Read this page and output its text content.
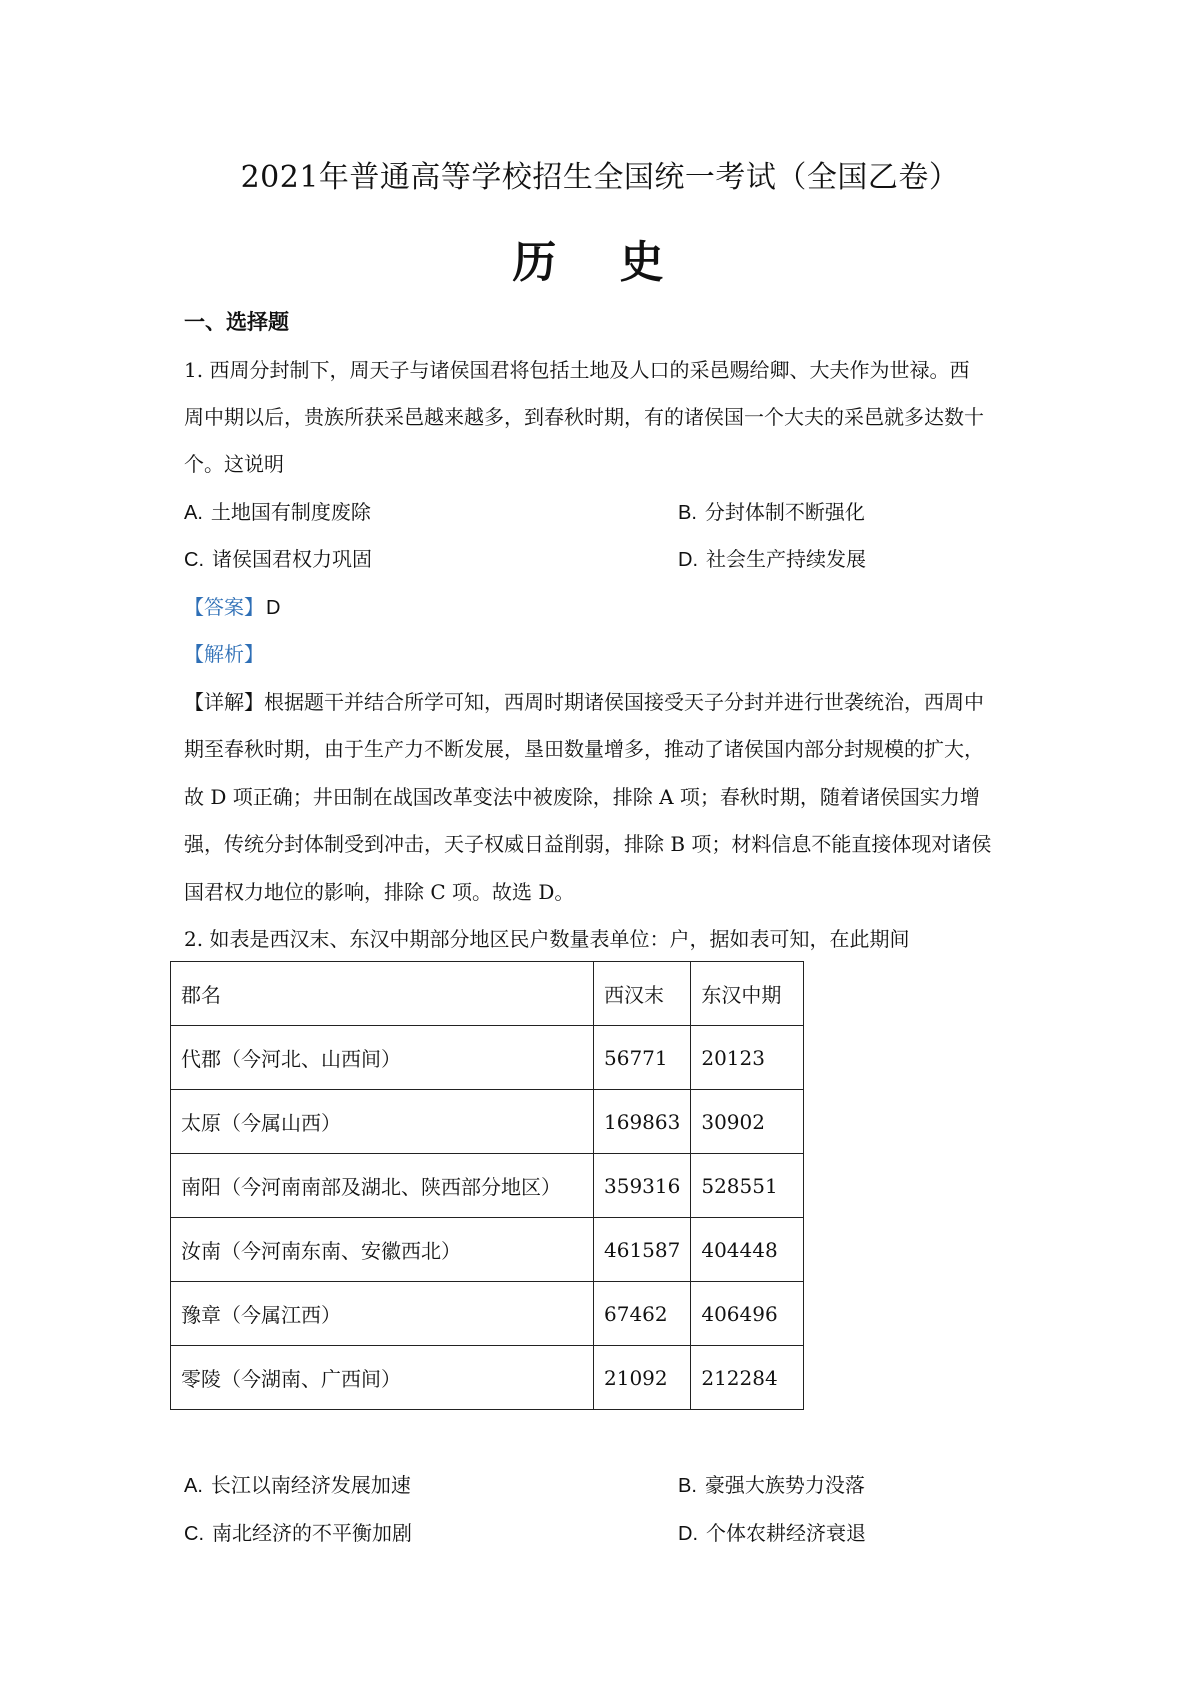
2021年普通高等学校招生全国统一考试（全国乙卷）
历 史
一、选择题
1. 西周分封制下，周天子与诸侯国君将包括土地及人口的采邑赐给卿、大夫作为世禄。西
周中期以后，贵族所获采邑越来越多，到春秋时期，有的诸侯国一个大夫的采邑就多达数十
个。这说明
A. 土地国有制度废除	B. 分封体制不断强化
C. 诸侯国君权力巩固	D. 社会生产持续发展
【答案】 D
【解析】
【详解】根据题干并结合所学可知，西周时期诸侯国接受天子分封并进行世袭统治，西周中
期至春秋时期，由于生产力不断发展，垦田数量增多，推动了诸侯国内部分封规模的扩大，
故 D 项正确；井田制在战国改革变法中被废除，排除 A 项；春秋时期，随着诸侯国实力增
强，传统分封体制受到冲击，天子权威日益削弱，排除 B 项；材料信息不能直接体现对诸侯
国君权力地位的影响，排除 C 项。故选 D。
2. 如表是西汉末、东汉中期部分地区民户数量表单位：户，据如表可知，在此期间
郡名	西汉末	东汉中期
代郡（今河北、山西间）	56771	20123
太原（今属山西）	169863	30902
南阳（今河南南部及湖北、陕西部分地区）	359316	528551
汝南（今河南东南、安徽西北）	461587	404448
豫章（今属江西）	67462	406496
零陵（今湖南、广西间）	21092	212284
A. 长江以南经济发展加速	B. 豪强大族势力没落
C. 南北经济的不平衡加剧	D. 个体农耕经济衰退
